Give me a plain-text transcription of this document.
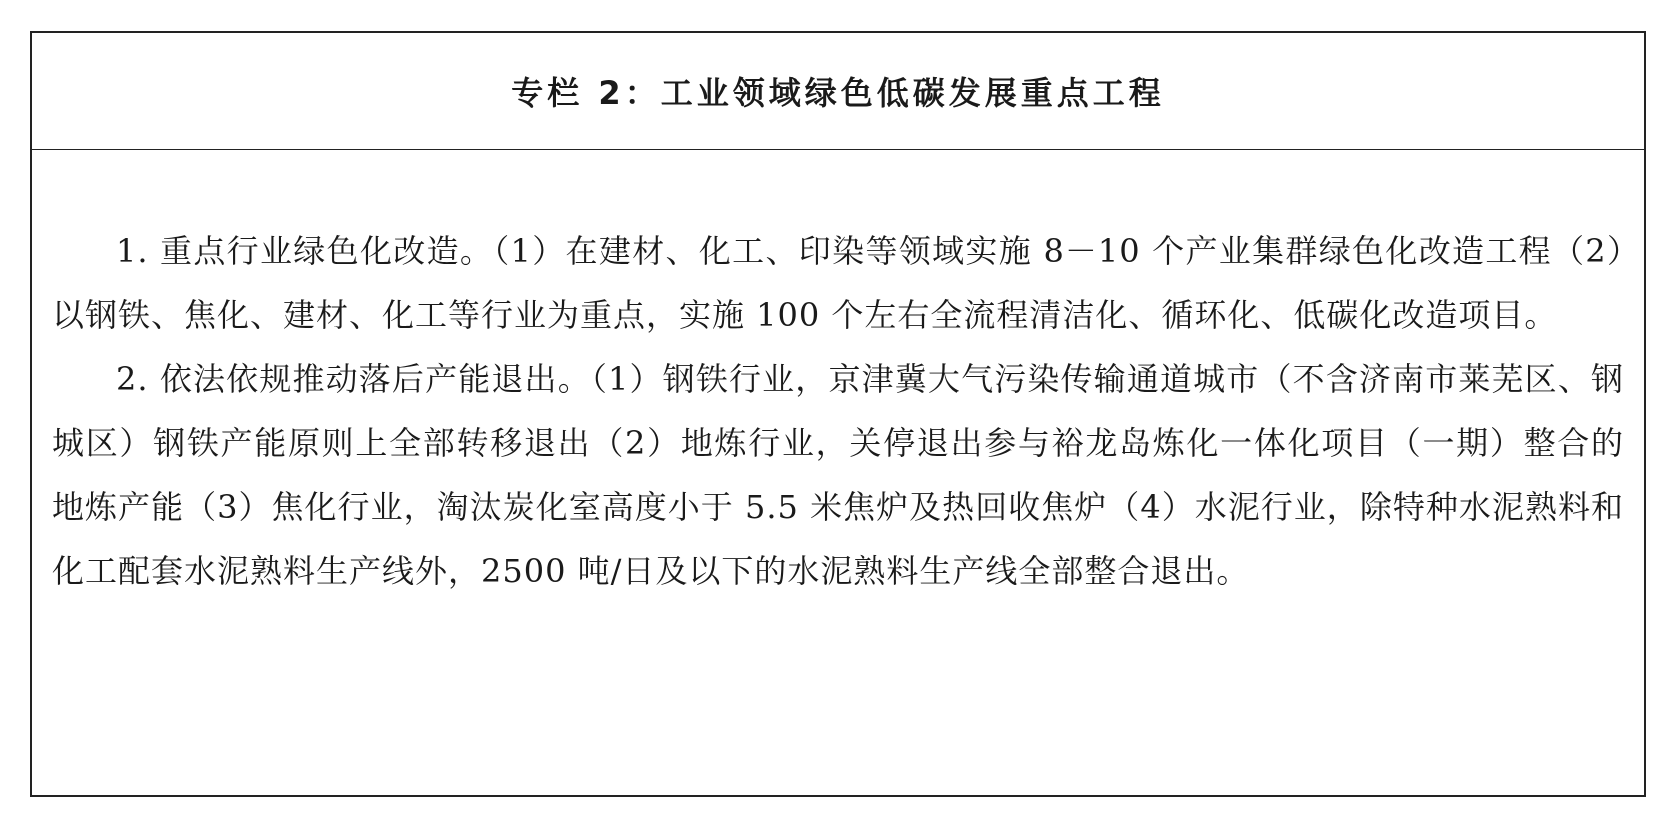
专栏 2：工业领域绿色低碳发展重点工程

1. 重点行业绿色化改造。（1）在建材、化工、印染等领域实施 8－10 个产业集群绿色化改造工程（2）以钢铁、焦化、建材、化工等行业为重点，实施 100 个左右全流程清洁化、循环化、低碳化改造项目。

2. 依法依规推动落后产能退出。（1）钢铁行业，京津冀大气污染传输通道城市（不含济南市莱芜区、钢城区）钢铁产能原则上全部转移退出（2）地炼行业，关停退出参与裕龙岛炼化一体化项目（一期）整合的地炼产能（3）焦化行业，淘汰炭化室高度小于 5.5 米焦炉及热回收焦炉（4）水泥行业，除特种水泥熟料和化工配套水泥熟料生产线外，2500 吨/日及以下的水泥熟料生产线全部整合退出。
